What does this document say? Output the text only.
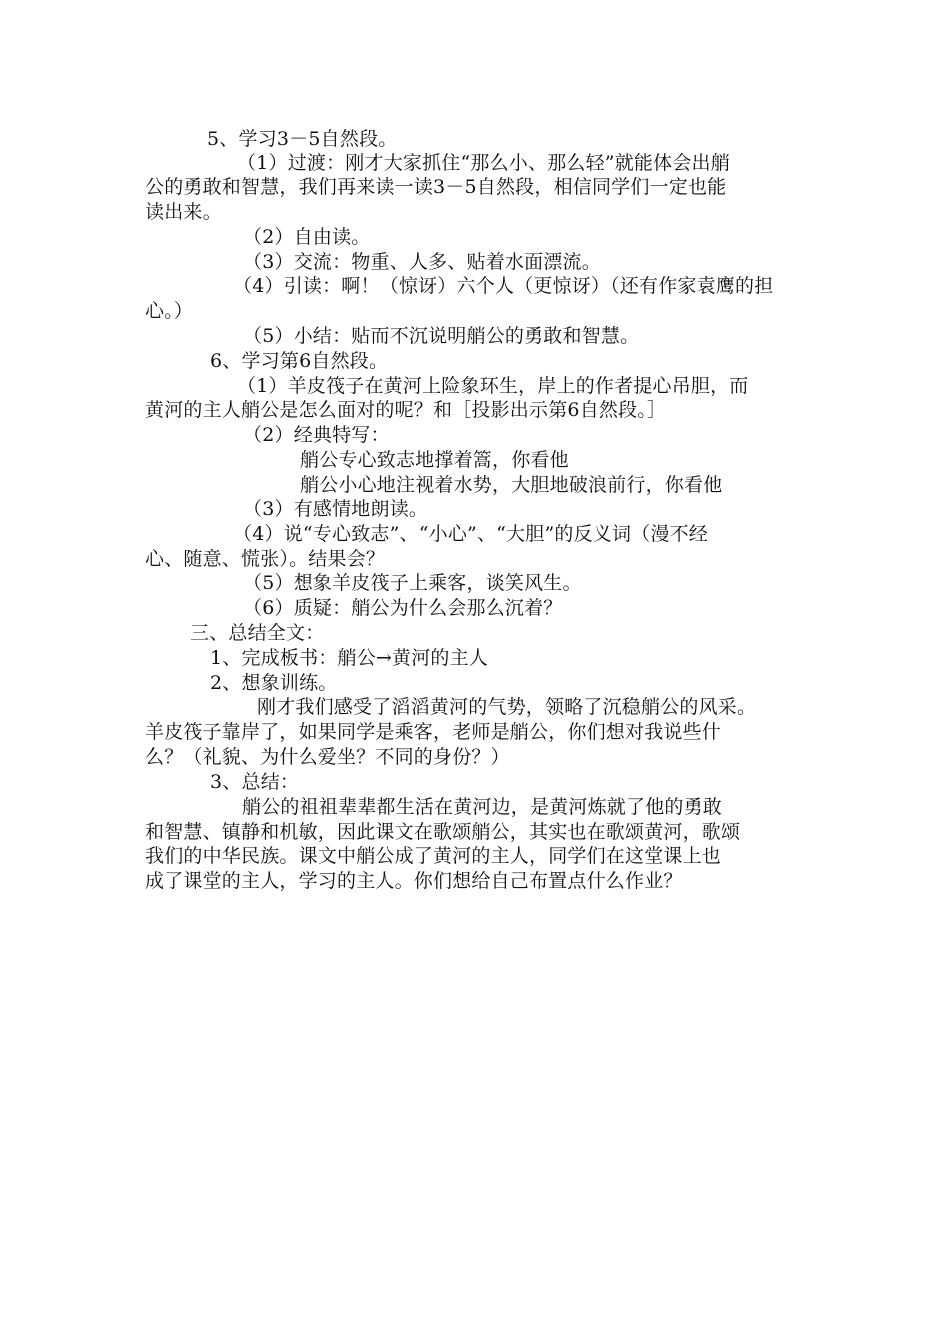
5、学习3－5自然段。
（1）过渡：刚才大家抓住“那么小、那么轻”就能体会出艄
公的勇敢和智慧，我们再来读一读3－5自然段，相信同学们一定也能
读出来。
（2）自由读。
（3）交流：物重、人多、贴着水面漂流。
（4）引读：啊！（惊讶）六个人（更惊讶）（还有作家袁鹰的担
心。）
（5）小结：贴而不沉说明艄公的勇敢和智慧。
6、学习第6自然段。
（1）羊皮筏子在黄河上险象环生，岸上的作者提心吊胆，而
黄河的主人艄公是怎么面对的呢？和［投影出示第6自然段。］
（2）经典特写：
艄公专心致志地撑着篙，你看他
艄公小心地注视着水势，大胆地破浪前行，你看他
（3）有感情地朗读。
（4）说“专心致志”、“小心”、“大胆”的反义词（漫不经
心、随意、慌张）。结果会？
（5）想象羊皮筏子上乘客，谈笑风生。
（6）质疑：艄公为什么会那么沉着？
三、总结全文：
1、完成板书：艄公→黄河的主人
2、想象训练。
刚才我们感受了滔滔黄河的气势，领略了沉稳艄公的风采。
羊皮筏子靠岸了，如果同学是乘客，老师是艄公，你们想对我说些什
么？（礼貌、为什么爱坐？不同的身份？）
3、总结：
艄公的祖祖辈辈都生活在黄河边，是黄河炼就了他的勇敢
和智慧、镇静和机敏，因此课文在歌颂艄公，其实也在歌颂黄河，歌颂
我们的中华民族。课文中艄公成了黄河的主人，同学们在这堂课上也
成了课堂的主人，学习的主人。你们想给自己布置点什么作业？
